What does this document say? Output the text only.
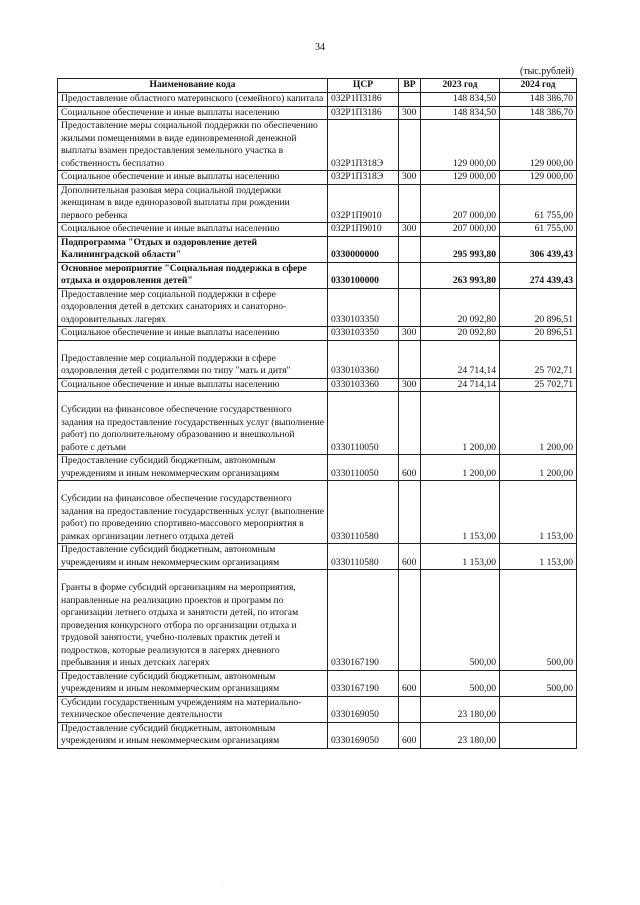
34
(тыс.рублей)
Наименование кода	ЦСР	ВР	2023 год	2024 год
Предоставление областного материнского (семейного) капитала	032Р1П3186		148 834,50	148 386,70
Социальное обеспечение и иные выплаты населению	032Р1П3186	300	148 834,50	148 386,70
Предоставление меры социальной поддержки по обеспечению жилыми помещениями в виде единовременной денежной выплаты взамен предоставления земельного участка в собственность бесплатно	032Р1П318Э		129 000,00	129 000,00
Социальное обеспечение и иные выплаты населению	032Р1П318Э	300	129 000,00	129 000,00
Дополнительная разовая мера социальной поддержки женщинам в виде единоразовой выплаты при рождении первого ребенка	032Р1П9010		207 000,00	61 755,00
Социальное обеспечение и иные выплаты населению	032Р1П9010	300	207 000,00	61 755,00
Подпрограмма "Отдых и оздоровление детей Калининградской области"	0330000000		295 993,80	306 439,43
Основное мероприятие "Социальная поддержка в сфере отдыха и оздоровления детей"	0330100000		263 993,80	274 439,43
Предоставление мер социальной поддержки в сфере оздоровления детей в детских санаториях и санаторно-оздоровительных лагерях	0330103350		20 092,80	20 896,51
Социальное обеспечение и иные выплаты населению	0330103350	300	20 092,80	20 896,51

Предоставление мер социальной поддержки в сфере оздоровления детей с родителями по типу "мать и дитя"	0330103360		24 714,14	25 702,71
Социальное обеспечение и иные выплаты населению	0330103360	300	24 714,14	25 702,71

Субсидии на финансовое обеспечение государственного задания на предоставление государственных услуг (выполнение работ) по дополнительному образованию и внешкольной работе с детьми	0330110050		1 200,00	1 200,00
Предоставление субсидий бюджетным, автономным учреждениям и иным некоммерческим организациям	0330110050	600	1 200,00	1 200,00

Субсидии на финансовое обеспечение государственного задания на предоставление государственных услуг (выполнение работ) по проведению спортивно-массового мероприятия в рамках организации летнего отдыха детей	0330110580		1 153,00	1 153,00
Предоставление субсидий бюджетным, автономным учреждениям и иным некоммерческим организациям	0330110580	600	1 153,00	1 153,00

Гранты в форме субсидий организациям на мероприятия, направленные на реализацию проектов и программ по организации летнего отдыха и занятости детей, по итогам проведения конкурсного отбора по организации отдыха и трудовой занятости, учебно-полевых практик детей и подростков, которые реализуются в лагерях дневного пребывания и иных детских лагерях	0330167190		500,00	500,00
Предоставление субсидий бюджетным, автономным учреждениям и иным некоммерческим организациям	0330167190	600	500,00	500,00
Субсидии государственным учреждениям на материально-техническое обеспечение деятельности	0330169050		23 180,00	
Предоставление субсидий бюджетным, автономным учреждениям и иным некоммерческим организациям	0330169050	600	23 180,00	
·
